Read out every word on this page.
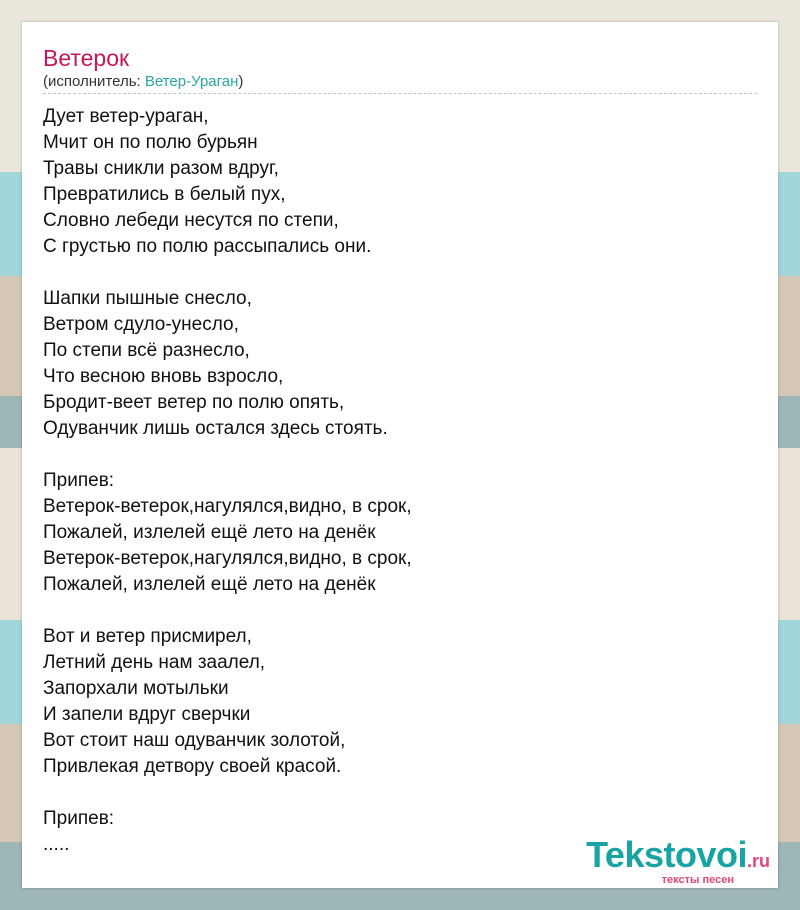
Ветерок
(исполнитель: Ветер-Ураган)
Дует ветер-ураган,
Мчит он по полю бурьян
Травы сникли разом вдруг,
Превратились в белый пух,
Словно лебеди несутся по степи,
С грустью по полю рассыпались они.
Шапки пышные снесло,
Ветром сдуло-унесло,
По степи всё разнесло,
Что весною вновь взросло,
Бродит-веет ветер по полю опять,
Одуванчик лишь остался здесь стоять.
Припев:
Ветерок-ветерок,нагулялся,видно, в срок,
Пожалей, излелей ещё лето на денёк
Ветерок-ветерок,нагулялся,видно, в срок,
Пожалей, излелей ещё лето на денёк
Вот и ветер присмирел,
Летний день нам заалел,
Запорхали мотыльки
И запели вдруг сверчки
Вот стоит наш одуванчик золотой,
Привлекая детвору своей красой.
Припев:
.....	Tekstovoi.ru
тексты песен
